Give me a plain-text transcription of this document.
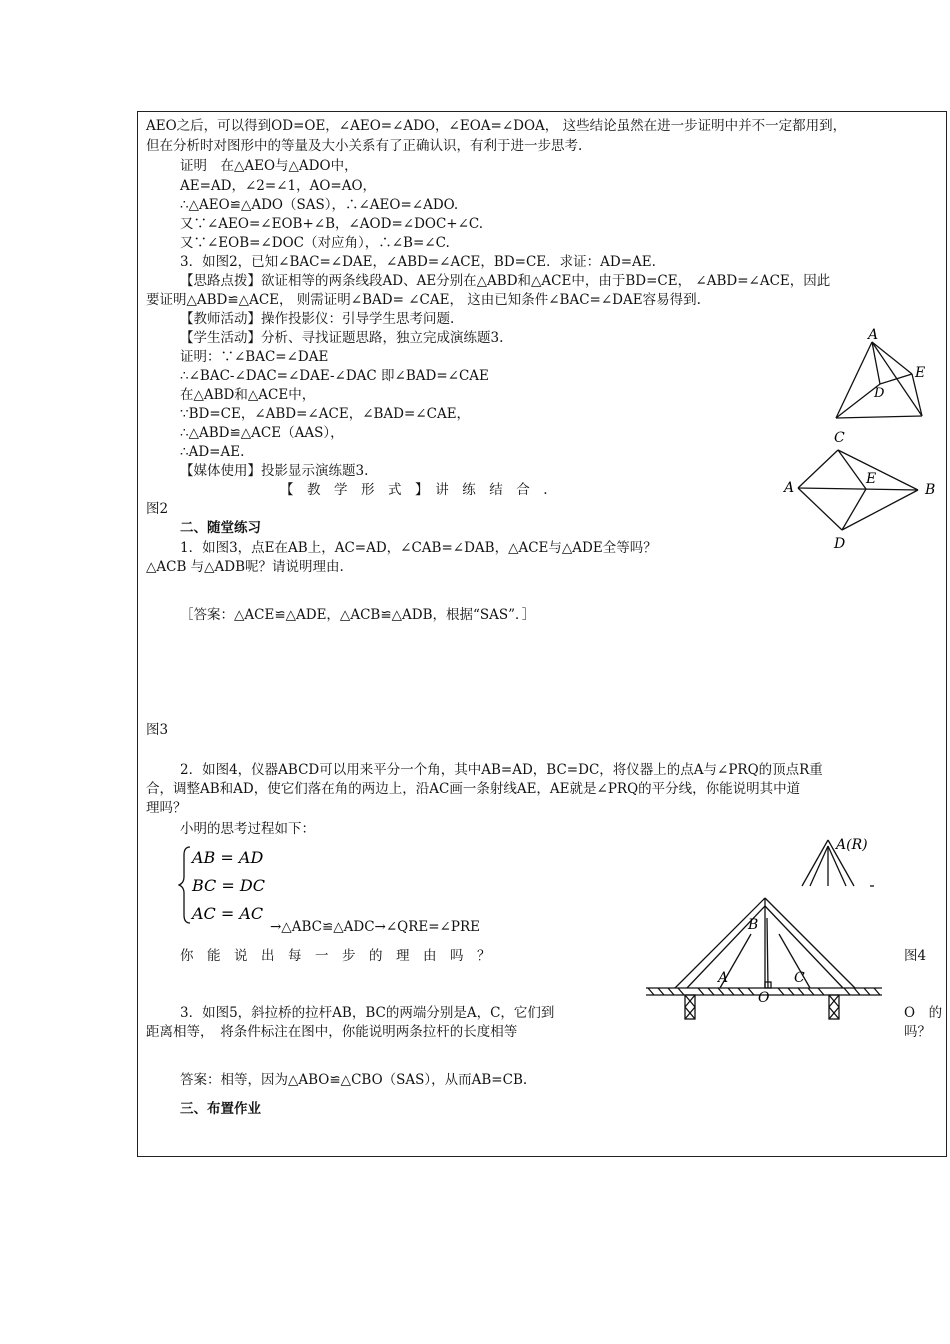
AEO之后，可以得到OD=OE，∠AEO=∠ADO，∠EOA=∠DOA， 这些结论虽然在进一步证明中并不一定都用到，
但在分析时对图形中的等量及大小关系有了正确认识，有利于进一步思考.
证明　在△AEO与△ADO中，
AE=AD，∠2=∠1，AO=AO，
∴△AEO≌△ADO（SAS），∴∠AEO=∠ADO.
又∵∠AEO=∠EOB+∠B，∠AOD=∠DOC+∠C.
又∵∠EOB=∠DOC（对应角），∴∠B=∠C.
3．如图2，已知∠BAC=∠DAE，∠ABD=∠ACE，BD=CE．求证：AD=AE.
【思路点拨】欲证相等的两条线段AD、AE分别在△ABD和△ACE中，由于BD=CE， ∠ABD=∠ACE，因此
要证明△ABD≌△ACE， 则需证明∠BAD= ∠CAE， 这由已知条件∠BAC=∠DAE容易得到.
【教师活动】操作投影仪：引导学生思考问题.
【学生活动】分析、寻找证题思路，独立完成演练题3.
证明：∵∠BAC=∠DAE
∴∠BAC-∠DAC=∠DAE-∠DAC 即∠BAD=∠CAE
在△ABD和△ACE中，
∵BD=CE，∠ABD=∠ACE，∠BAD=∠CAE，
∴△ABD≌△ACE（AAS），
∴AD=AE.
【媒体使用】投影显示演练题3.
【　教　学　形　式　】　讲　练　结　合　.
图2
二、随堂练习
1．如图3，点E在AB上，AC=AD，∠CAB=∠DAB，△ACE与△ADE全等吗？
△ACB 与△ADB呢？请说明理由.
［答案：△ACE≌△ADE，△ACB≌△ADB，根据“SAS”．］
图3
2．如图4，仪器ABCD可以用来平分一个角，其中AB=AD，BC=DC，将仪器上的点A与∠PRQ的顶点R重
合，调整AB和AD，使它们落在角的两边上，沿AC画一条射线AE，AE就是∠PRQ的平分线，你能说明其中道
理吗？
小明的思考过程如下：
→△ABC≌△ADC→∠QRE=∠PRE
你　能　说　出　每　一　步　的　理　由　吗　？	图4
3．如图5，斜拉桥的拉杆AB，BC的两端分别是A，C，它们到	O　的
距离相等，　将条件标注在图中，你能说明两条拉杆的长度相等	吗？
答案：相等，因为△ABO≌△CBO（SAS），从而AB=CB.
三、布置作业
AB = AD
BC = DC
AC = AC
A
E
D
C
A
E
B
D
A(R)
B
A	C
O
